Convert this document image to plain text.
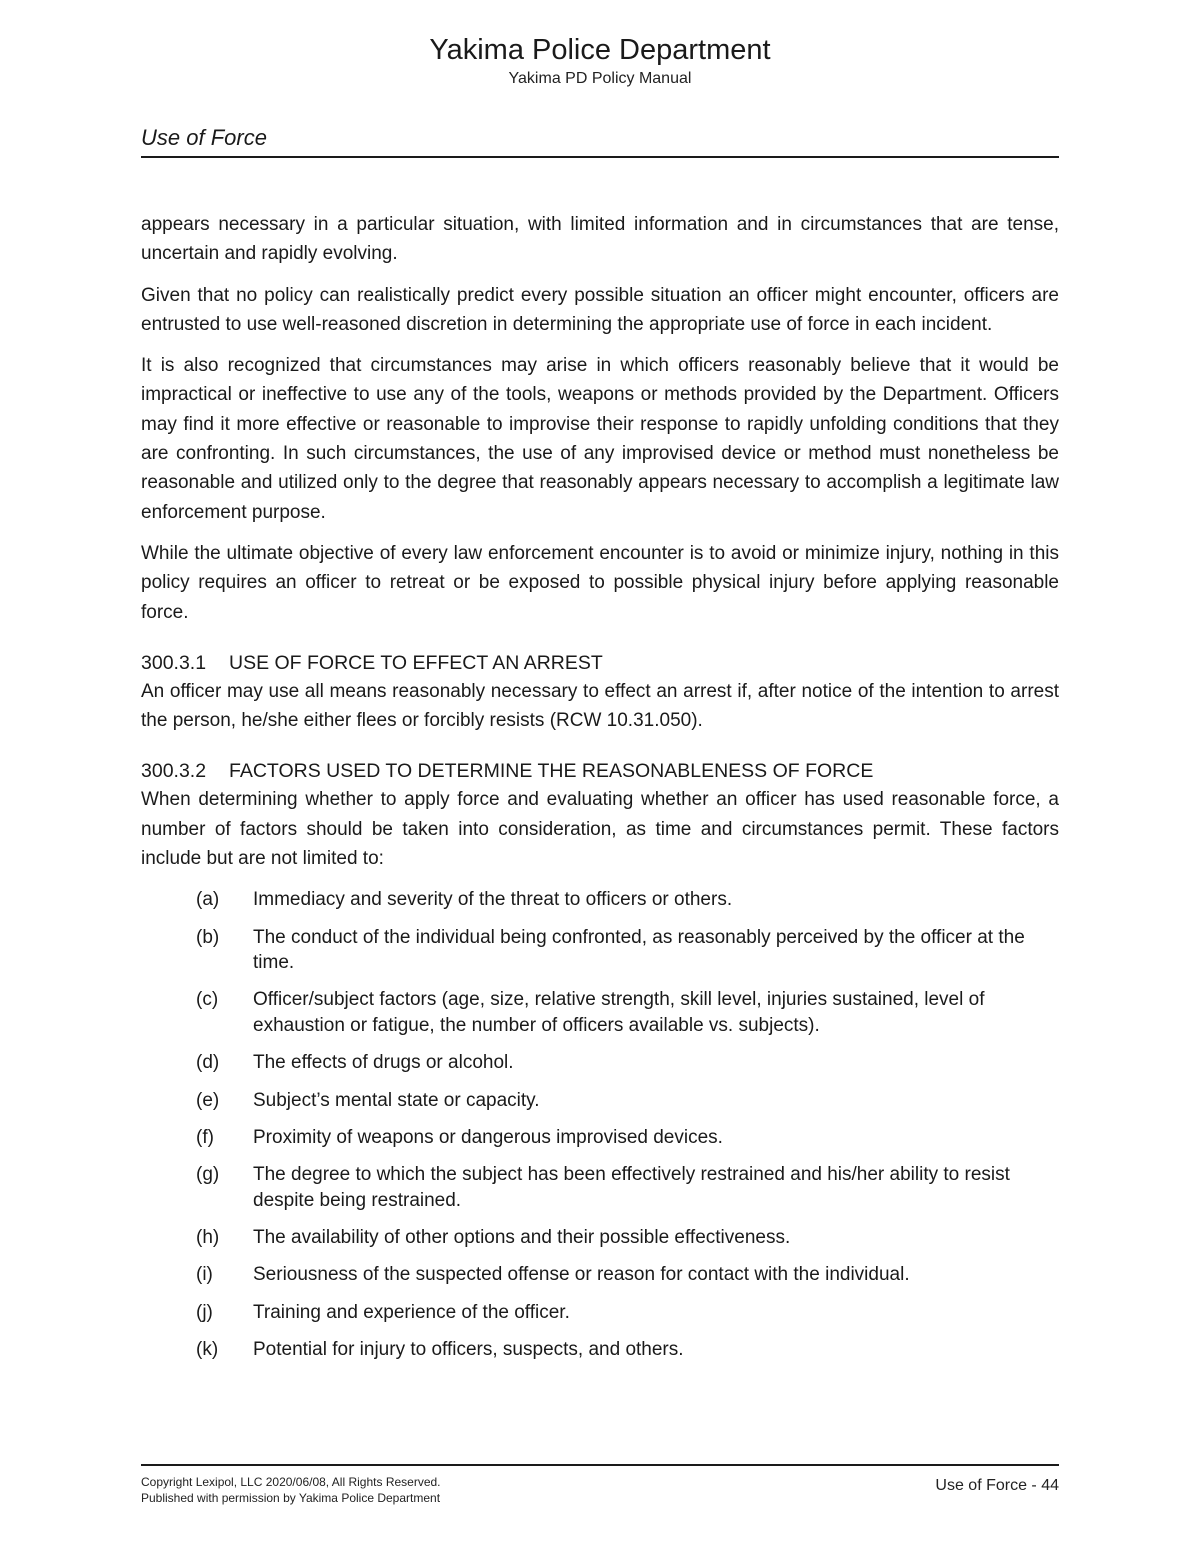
Yakima Police Department
Yakima PD Policy Manual
Use of Force

appears necessary in a particular situation, with limited information and in circumstances that are tense, uncertain and rapidly evolving.

Given that no policy can realistically predict every possible situation an officer might encounter, officers are entrusted to use well-reasoned discretion in determining the appropriate use of force in each incident.

It is also recognized that circumstances may arise in which officers reasonably believe that it would be impractical or ineffective to use any of the tools, weapons or methods provided by the Department. Officers may find it more effective or reasonable to improvise their response to rapidly unfolding conditions that they are confronting. In such circumstances, the use of any improvised device or method must nonetheless be reasonable and utilized only to the degree that reasonably appears necessary to accomplish a legitimate law enforcement purpose.

While the ultimate objective of every law enforcement encounter is to avoid or minimize injury, nothing in this policy requires an officer to retreat or be exposed to possible physical injury before applying reasonable force.

300.3.1 USE OF FORCE TO EFFECT AN ARREST

An officer may use all means reasonably necessary to effect an arrest if, after notice of the intention to arrest the person, he/she either flees or forcibly resists (RCW 10.31.050).

300.3.2 FACTORS USED TO DETERMINE THE REASONABLENESS OF FORCE

When determining whether to apply force and evaluating whether an officer has used reasonable force, a number of factors should be taken into consideration, as time and circumstances permit. These factors include but are not limited to:

(a)	Immediacy and severity of the threat to officers or others.
(b)	The conduct of the individual being confronted, as reasonably perceived by the officer at the time.
(c)	Officer/subject factors (age, size, relative strength, skill level, injuries sustained, level of exhaustion or fatigue, the number of officers available vs. subjects).
(d)	The effects of drugs or alcohol.
(e)	Subject’s mental state or capacity.
(f)	Proximity of weapons or dangerous improvised devices.
(g)	The degree to which the subject has been effectively restrained and his/her ability to resist despite being restrained.
(h)	The availability of other options and their possible effectiveness.
(i)	Seriousness of the suspected offense or reason for contact with the individual.
(j)	Training and experience of the officer.
(k)	Potential for injury to officers, suspects, and others.
Copyright Lexipol, LLC 2020/06/08, All Rights Reserved.
Published with permission by Yakima Police Department
Use of Force - 44
